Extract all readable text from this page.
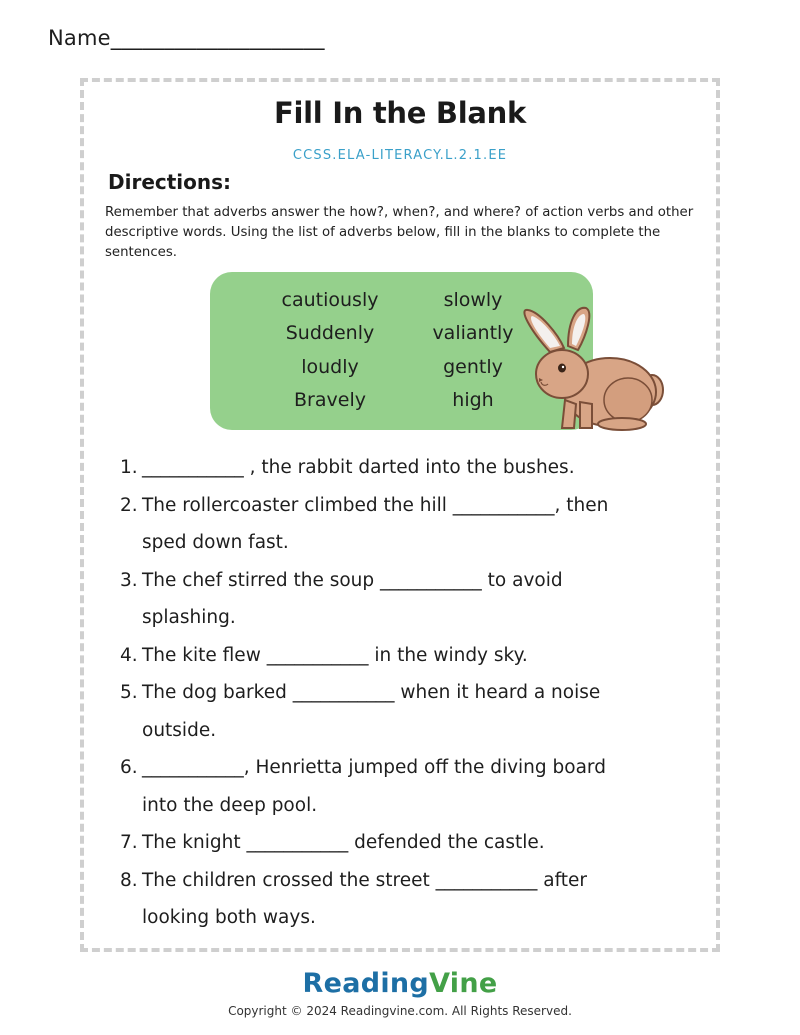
Name____________________
Fill In the Blank
CCSS.ELA-LITERACY.L.2.1.EE
Directions:
Remember that adverbs answer the how?, when?, and where? of action verbs and other descriptive words. Using the list of adverbs below, fill in the blanks to complete the sentences.
cautiously
Suddenly
loudly
Bravely
slowly
valiantly
gently
high
1. ___________ , the rabbit darted into the bushes.
2. The rollercoaster climbed the hill ___________, then
sped down fast.
3. The chef stirred the soup ___________ to avoid
splashing.
4. The kite flew ___________ in the windy sky.
5. The dog barked ___________ when it heard a noise
outside.
6. ___________, Henrietta jumped off the diving board
into the deep pool.
7. The knight ___________ defended the castle.
8. The children crossed the street ___________ after
looking both ways.
ReadingVine
Copyright © 2024 Readingvine.com. All Rights Reserved.
